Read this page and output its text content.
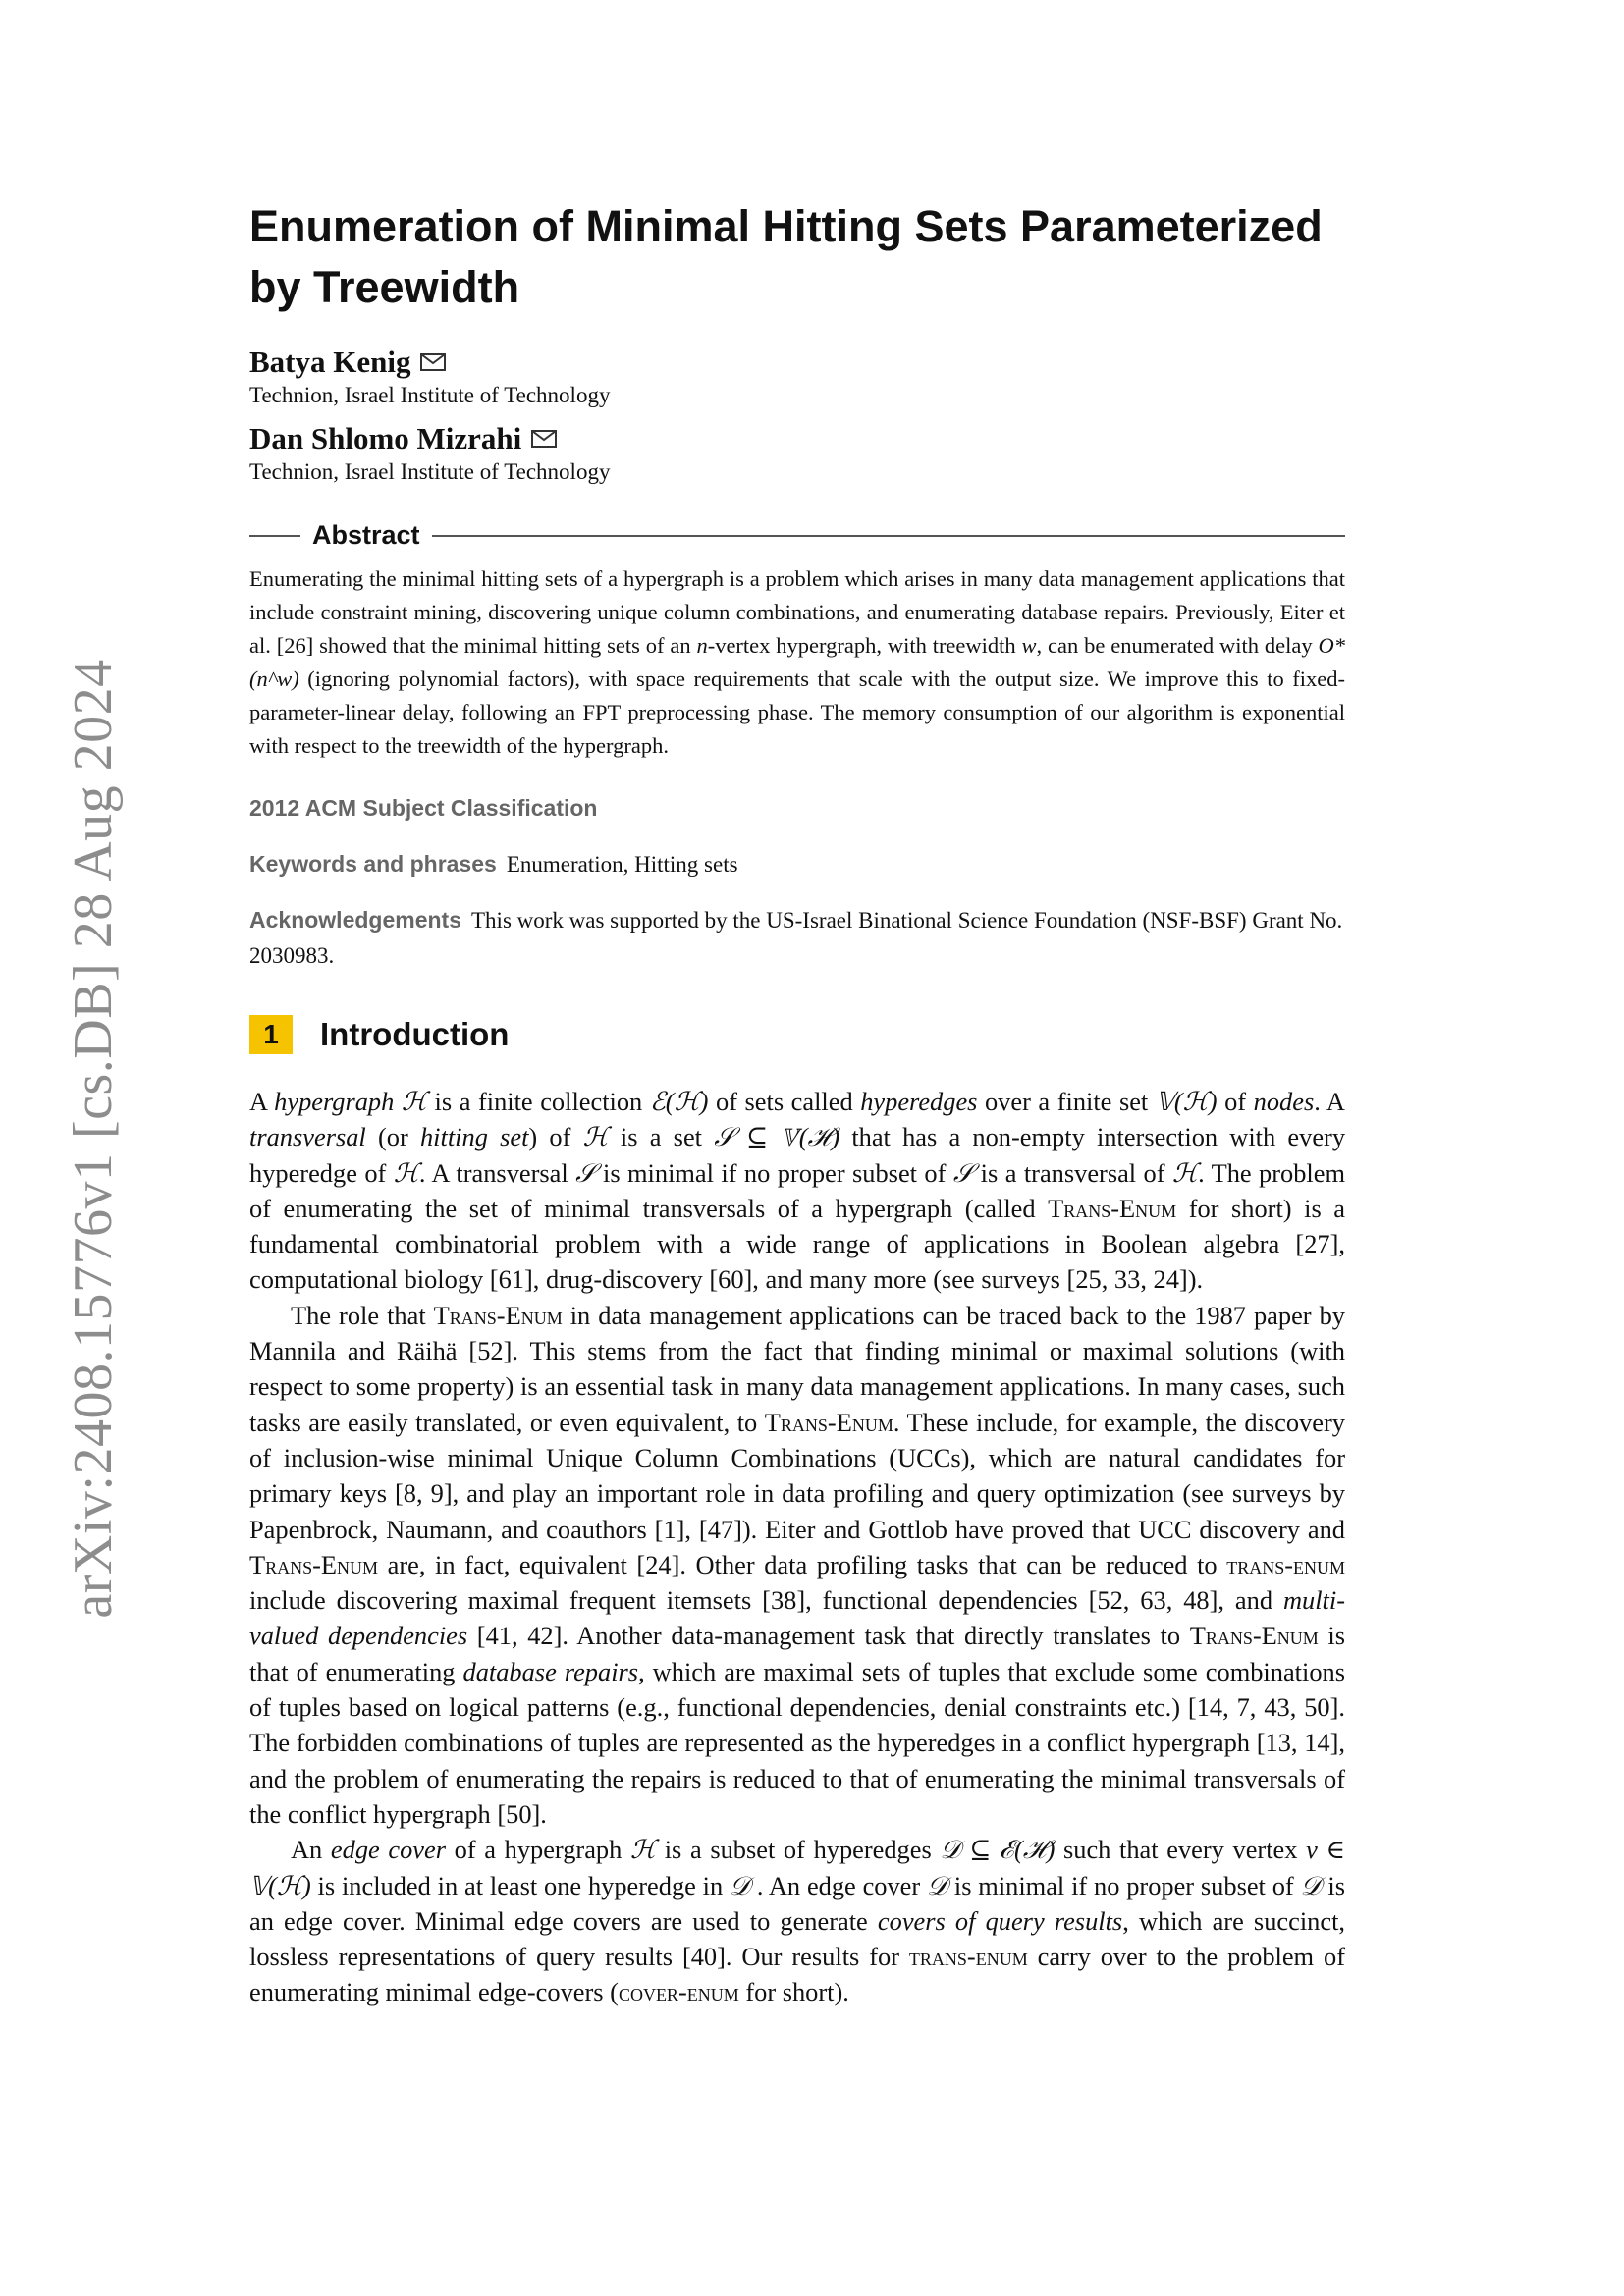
arXiv:2408.15776v1 [cs.DB] 28 Aug 2024
Enumeration of Minimal Hitting Sets Parameterized by Treewidth
Batya Kenig
Technion, Israel Institute of Technology
Dan Shlomo Mizrahi
Technion, Israel Institute of Technology
Abstract

Enumerating the minimal hitting sets of a hypergraph is a problem which arises in many data management applications that include constraint mining, discovering unique column combinations, and enumerating database repairs. Previously, Eiter et al. [26] showed that the minimal hitting sets of an n-vertex hypergraph, with treewidth w, can be enumerated with delay O*(n^w) (ignoring polynomial factors), with space requirements that scale with the output size. We improve this to fixed-parameter-linear delay, following an FPT preprocessing phase. The memory consumption of our algorithm is exponential with respect to the treewidth of the hypergraph.

2012 ACM Subject Classification
Keywords and phrases Enumeration, Hitting sets
Acknowledgements This work was supported by the US-Israel Binational Science Foundation (NSF-BSF) Grant No. 2030983.
1	Introduction

A hypergraph ℋ is a finite collection ℰ(ℋ) of sets called hyperedges over a finite set 𝕍(ℋ) of nodes. A transversal (or hitting set) of ℋ is a set 𝒮 ⊆ 𝕍(ℋ) that has a non-empty intersection with every hyperedge of ℋ. A transversal 𝒮 is minimal if no proper subset of 𝒮 is a transversal of ℋ. The problem of enumerating the set of minimal transversals of a hypergraph (called Trans-Enum for short) is a fundamental combinatorial problem with a wide range of applications in Boolean algebra [27], computational biology [61], drug-discovery [60], and many more (see surveys [25, 33, 24]).

The role that Trans-Enum in data management applications can be traced back to the 1987 paper by Mannila and Räihä [52]. This stems from the fact that finding minimal or maximal solutions (with respect to some property) is an essential task in many data management applications. In many cases, such tasks are easily translated, or even equivalent, to Trans-Enum. These include, for example, the discovery of inclusion-wise minimal Unique Column Combinations (UCCs), which are natural candidates for primary keys [8, 9], and play an important role in data profiling and query optimization (see surveys by Papenbrock, Naumann, and coauthors [1], [47]). Eiter and Gottlob have proved that UCC discovery and Trans-Enum are, in fact, equivalent [24]. Other data profiling tasks that can be reduced to trans-enum include discovering maximal frequent itemsets [38], functional dependencies [52, 63, 48], and multi-valued dependencies [41, 42]. Another data-management task that directly translates to Trans-Enum is that of enumerating database repairs, which are maximal sets of tuples that exclude some combinations of tuples based on logical patterns (e.g., functional dependencies, denial constraints etc.) [14, 7, 43, 50]. The forbidden combinations of tuples are represented as the hyperedges in a conflict hypergraph [13, 14], and the problem of enumerating the repairs is reduced to that of enumerating the minimal transversals of the conflict hypergraph [50].

An edge cover of a hypergraph ℋ is a subset of hyperedges 𝒟 ⊆ ℰ(ℋ) such that every vertex v ∈ 𝕍(ℋ) is included in at least one hyperedge in 𝒟 . An edge cover 𝒟 is minimal if no proper subset of 𝒟 is an edge cover. Minimal edge covers are used to generate covers of query results, which are succinct, lossless representations of query results [40]. Our results for trans-enum carry over to the problem of enumerating minimal edge-covers (cover-enum for short).
